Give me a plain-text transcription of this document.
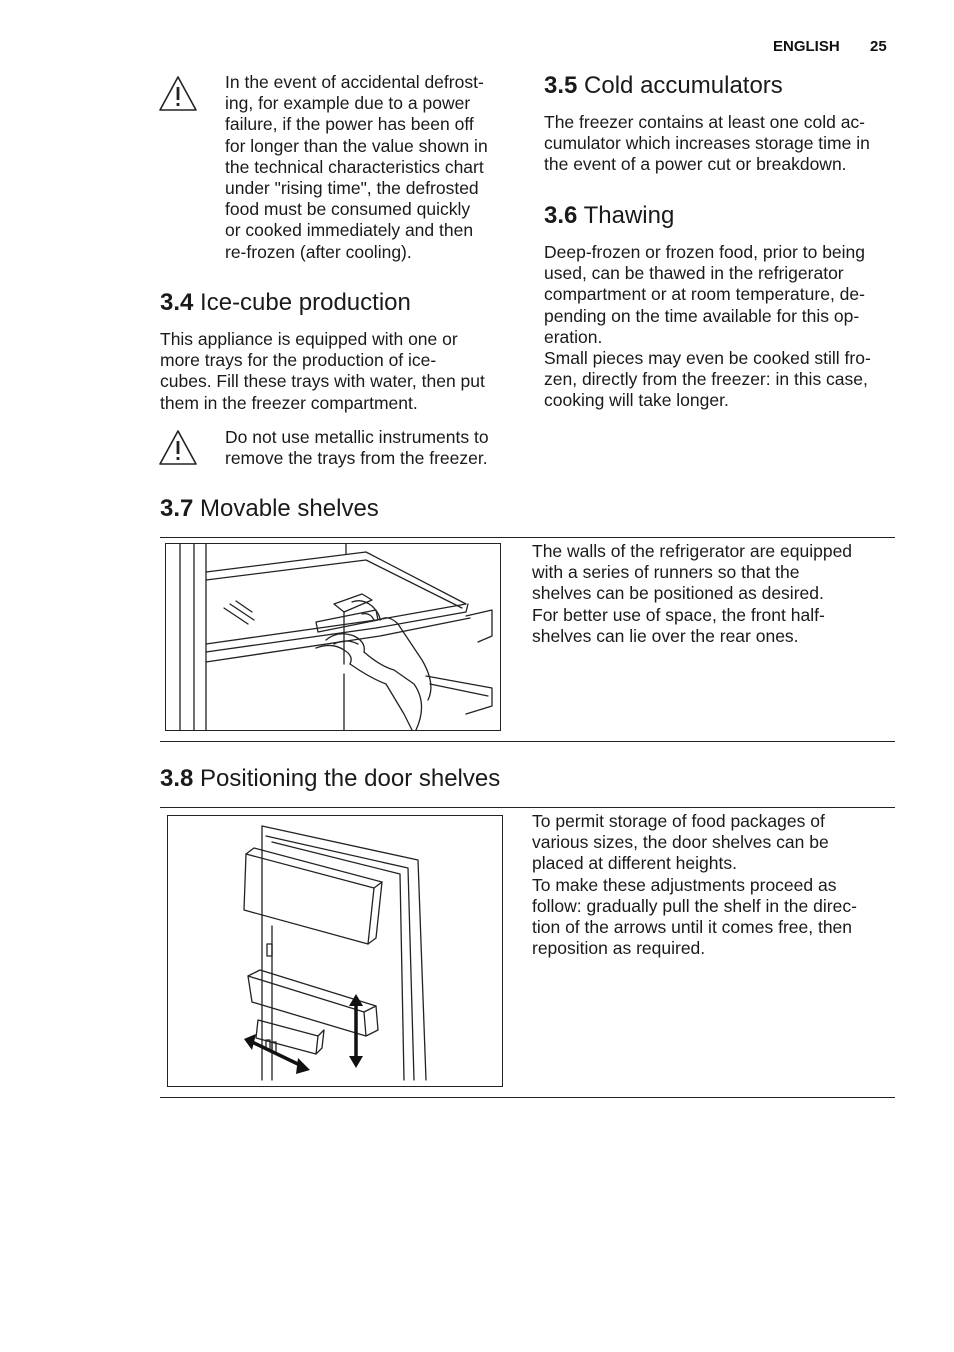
ENGLISH 25

In the event of accidental defrost-
ing, for example due to a power
failure, if the power has been off
for longer than the value shown in
the technical characteristics chart
under "rising time", the defrosted
food must be consumed quickly
or cooked immediately and then
re-frozen (after cooling).

3.4 Ice-cube production

This appliance is equipped with one or
more trays for the production of ice-
cubes. Fill these trays with water, then put
them in the freezer compartment.

Do not use metallic instruments to
remove the trays from the freezer.

3.5 Cold accumulators

The freezer contains at least one cold ac-
cumulator which increases storage time in
the event of a power cut or breakdown.

3.6 Thawing

Deep-frozen or frozen food, prior to being
used, can be thawed in the refrigerator
compartment or at room temperature, de-
pending on the time available for this op-
eration.
Small pieces may even be cooked still fro-
zen, directly from the freezer: in this case,
cooking will take longer.

3.7 Movable shelves

The walls of the refrigerator are equipped
with a series of runners so that the
shelves can be positioned as desired.
For better use of space, the front half-
shelves can lie over the rear ones.

3.8 Positioning the door shelves

To permit storage of food packages of
various sizes, the door shelves can be
placed at different heights.
To make these adjustments proceed as
follow: gradually pull the shelf in the direc-
tion of the arrows until it comes free, then
reposition as required.
